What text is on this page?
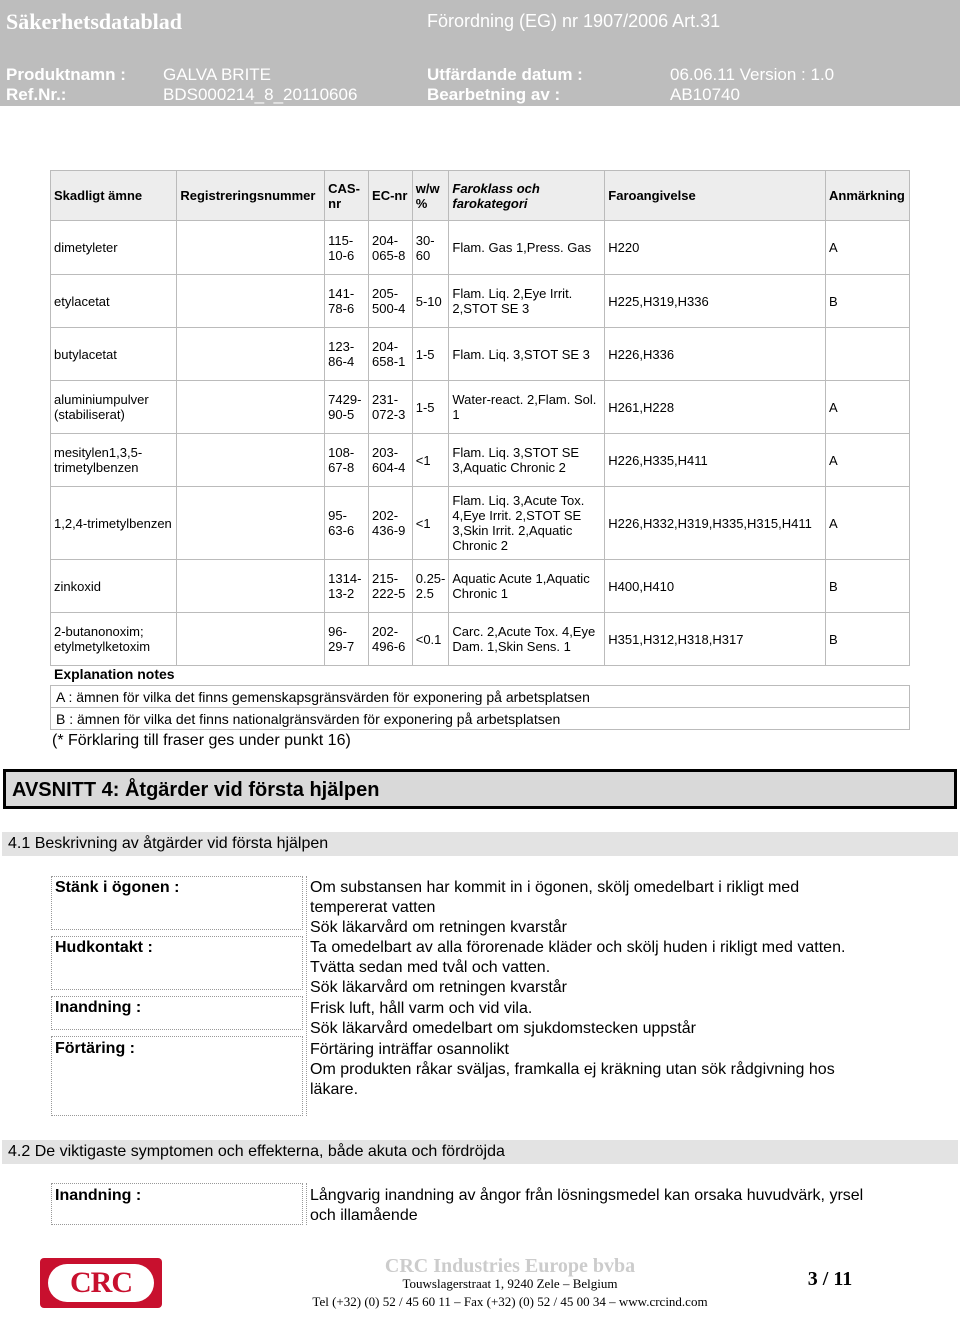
Säkerhetsdatablad	Förordning (EG) nr 1907/2006 Art.31
Produktnamn : GALVA BRITE	Utfärdande datum :	06.06.11 Version : 1.0
Ref.Nr.:	BDS000214_8_20110606	Bearbetning av :	AB10740
Skadligt ämne	Registreringsnummer	CAS-nr	EC-nr	w/w %	Faroklass och farokategori	Faroangivelse	Anmärkning
dimetyleter		115-10-6	204-065-8	30-60	Flam. Gas 1,Press. Gas	H220	A
etylacetat		141-78-6	205-500-4	5-10	Flam. Liq. 2,Eye Irrit. 2,STOT SE 3	H225,H319,H336	B
butylacetat		123-86-4	204-658-1	1-5	Flam. Liq. 3,STOT SE 3	H226,H336	
aluminiumpulver (stabiliserat)		7429-90-5	231-072-3	1-5	Water-react. 2,Flam. Sol. 1	H261,H228	A
mesitylen1,3,5-trimetylbenzen		108-67-8	203-604-4	<1	Flam. Liq. 3,STOT SE 3,Aquatic Chronic 2	H226,H335,H411	A
1,2,4-trimetylbenzen		95-63-6	202-436-9	<1	Flam. Liq. 3,Acute Tox. 4,Eye Irrit. 2,STOT SE 3,Skin Irrit. 2,Aquatic Chronic 2	H226,H332,H319,H335,H315,H411	A
zinkoxid		1314-13-2	215-222-5	0.25-2.5	Aquatic Acute 1,Aquatic Chronic 1	H400,H410	B
2-butanonoxim; etylmetylketoxim		96-29-7	202-496-6	<0.1	Carc. 2,Acute Tox. 4,Eye Dam. 1,Skin Sens. 1	H351,H312,H318,H317	B
Explanation notes
A : ämnen för vilka det finns gemenskapsgränsvärden för exponering på arbetsplatsen
B : ämnen för vilka det finns nationalgränsvärden för exponering på arbetsplatsen
(* Förklaring till fraser ges under punkt 16)
AVSNITT 4: Åtgärder vid första hjälpen
4.1 Beskrivning av åtgärder vid första hjälpen
Stänk i ögonen :	Om substansen har kommit in i ögonen, skölj omedelbart i rikligt med
tempererat vatten
Sök läkarvård om retningen kvarstår
Hudkontakt :	Ta omedelbart av alla förorenade kläder och skölj huden i rikligt med vatten.
Tvätta sedan med tvål och vatten.
Sök läkarvård om retningen kvarstår
Inandning :	Frisk luft, håll varm och vid vila.
Sök läkarvård omedelbart om sjukdomstecken uppstår
Förtäring :	Förtäring inträffar osannolikt
Om produkten råkar sväljas, framkalla ej kräkning utan sök rådgivning hos
läkare.
4.2 De viktigaste symptomen och effekterna, både akuta och fördröjda
Inandning :	Långvarig inandning av ångor från lösningsmedel kan orsaka huvudvärk, yrsel
och illamående
CRC	CRC Industries Europe bvba
Touwslagerstraat 1, 9240 Zele – Belgium
Tel (+32) (0) 52 / 45 60 11 – Fax (+32) (0) 52 / 45 00 34 – www.crcind.com
3 / 11
